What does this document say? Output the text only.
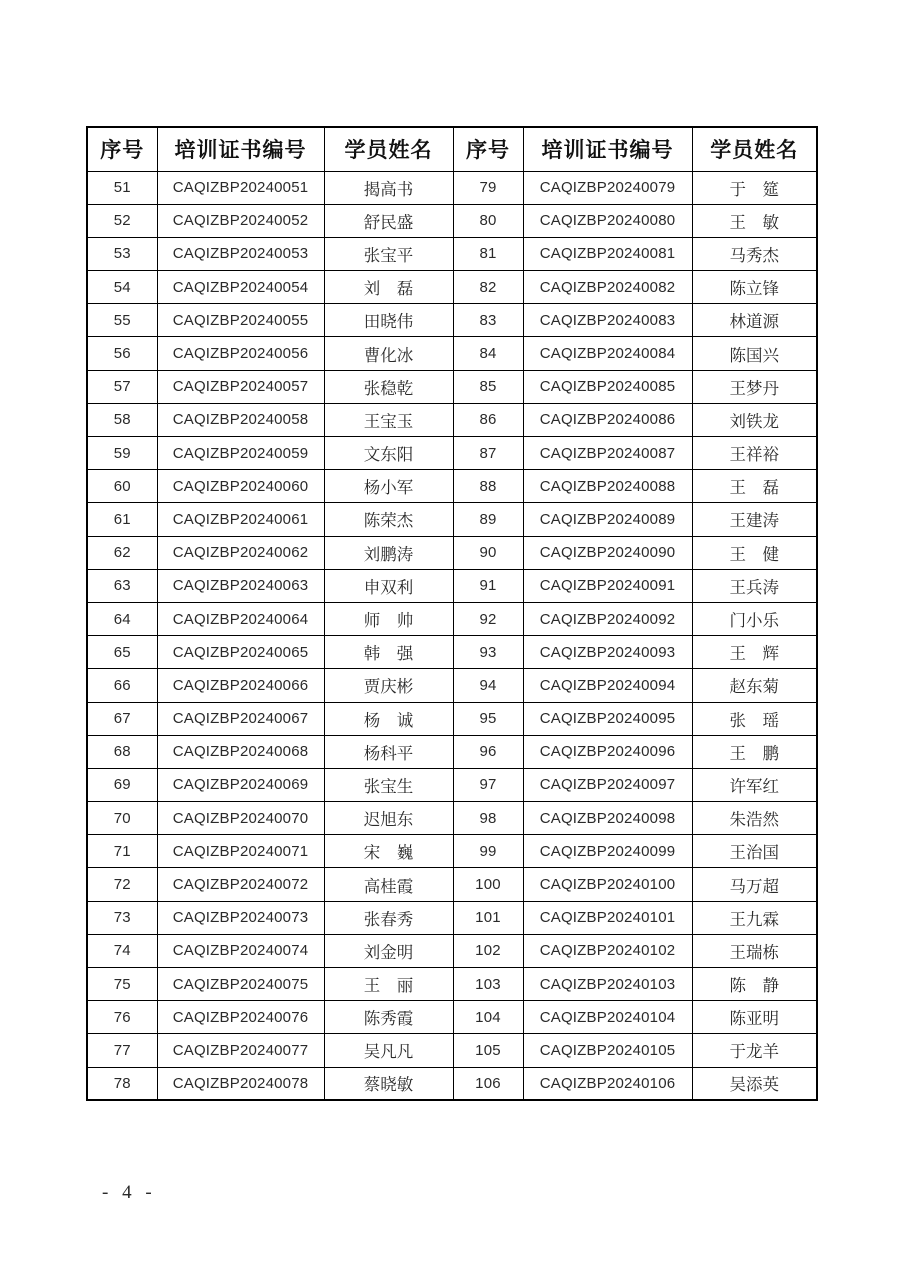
序号	培训证书编号	学员姓名	序号	培训证书编号	学员姓名
51	CAQIZBP20240051	揭高书	79	CAQIZBP20240079	于　筵
52	CAQIZBP20240052	舒民盛	80	CAQIZBP20240080	王　敏
53	CAQIZBP20240053	张宝平	81	CAQIZBP20240081	马秀杰
54	CAQIZBP20240054	刘　磊	82	CAQIZBP20240082	陈立锋
55	CAQIZBP20240055	田晓伟	83	CAQIZBP20240083	林道源
56	CAQIZBP20240056	曹化冰	84	CAQIZBP20240084	陈国兴
57	CAQIZBP20240057	张稳乾	85	CAQIZBP20240085	王梦丹
58	CAQIZBP20240058	王宝玉	86	CAQIZBP20240086	刘铁龙
59	CAQIZBP20240059	文东阳	87	CAQIZBP20240087	王祥裕
60	CAQIZBP20240060	杨小军	88	CAQIZBP20240088	王　磊
61	CAQIZBP20240061	陈荣杰	89	CAQIZBP20240089	王建涛
62	CAQIZBP20240062	刘鹏涛	90	CAQIZBP20240090	王　健
63	CAQIZBP20240063	申双利	91	CAQIZBP20240091	王兵涛
64	CAQIZBP20240064	师　帅	92	CAQIZBP20240092	门小乐
65	CAQIZBP20240065	韩　强	93	CAQIZBP20240093	王　辉
66	CAQIZBP20240066	贾庆彬	94	CAQIZBP20240094	赵东菊
67	CAQIZBP20240067	杨　诚	95	CAQIZBP20240095	张　瑶
68	CAQIZBP20240068	杨科平	96	CAQIZBP20240096	王　鹏
69	CAQIZBP20240069	张宝生	97	CAQIZBP20240097	许军红
70	CAQIZBP20240070	迟旭东	98	CAQIZBP20240098	朱浩然
71	CAQIZBP20240071	宋　巍	99	CAQIZBP20240099	王治国
72	CAQIZBP20240072	高桂霞	100	CAQIZBP20240100	马万超
73	CAQIZBP20240073	张春秀	101	CAQIZBP20240101	王九霖
74	CAQIZBP20240074	刘金明	102	CAQIZBP20240102	王瑞栋
75	CAQIZBP20240075	王　丽	103	CAQIZBP20240103	陈　静
76	CAQIZBP20240076	陈秀霞	104	CAQIZBP20240104	陈亚明
77	CAQIZBP20240077	吴凡凡	105	CAQIZBP20240105	于龙羊
78	CAQIZBP20240078	蔡晓敏	106	CAQIZBP20240106	吴添英
- 4 -
